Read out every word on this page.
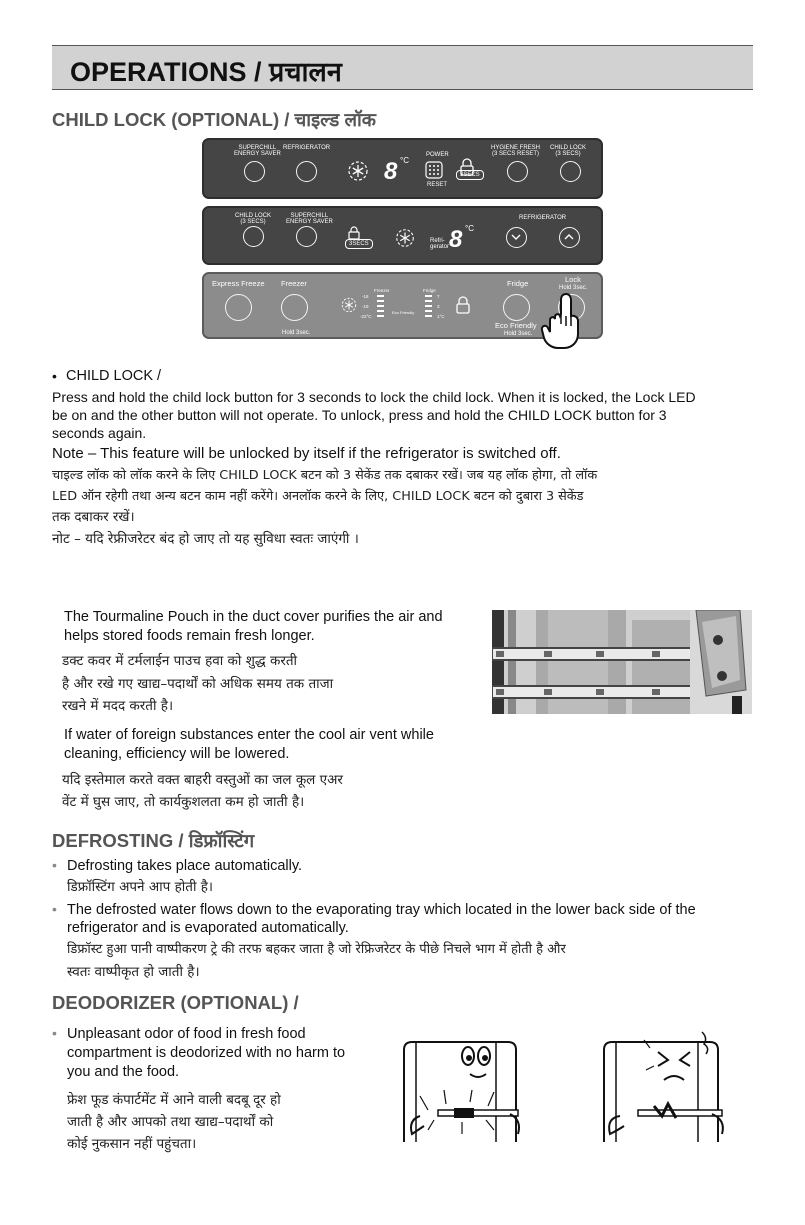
OPERATIONS / प्रचालन
CHILD LOCK (OPTIONAL) / चाइल्ड लॉक
SUPERCHILL
ENERGY SAVER
REFRIGERATOR
8 °C
POWER
RESET
3SECS
HYGIENE FRESH
(3 SECS RESET)
CHILD LOCK
(3 SECS)
CHILD LOCK
(3 SECS)
SUPERCHILL
ENERGY SAVER
3SECS	Refri-
gerator 8 °C
REFRIGERATOR
Express Freeze Freezer
Hold 3sec.
Freezer
-16
-19
-22°C
Eco Friendly
Fridge
7
3
1°C
Fridge
Eco Friendly
Hold 3sec.
Lock
Hold 3sec.
• CHILD LOCK /
Press and hold the child lock button for 3 seconds to lock the child lock. When it is locked, the Lock LED
be on and the other button will not operate. To unlock, press and hold the CHILD LOCK button for 3
seconds again.
Note – This feature will be unlocked by itself if the refrigerator is switched off.
चाइल्ड लॉक को लॉक करने के लिए CHILD LOCK बटन को 3 सेकेंड तक दबाकर रखें। जब यह लॉक होगा, तो लॉक
LED ऑन रहेगी तथा अन्य बटन काम नहीं करेंगे। अनलॉक करने के लिए, CHILD LOCK बटन को दुबारा 3 सेकेंड
तक दबाकर रखें।
नोट – यदि रेफ्रीजरेटर बंद हो जाए तो यह सुविधा स्वतः जाएंगी ।
The Tourmaline Pouch in the duct cover purifies the air and
helps stored foods remain fresh longer.
डक्ट कवर में टर्मलाईन पाउच हवा को शुद्ध करती
है और रखे गए खाद्य–पदार्थों को अधिक समय तक ताजा
रखने में मदद करती है।
If water of foreign substances enter the cool air vent while
cleaning, efficiency will be lowered.
यदि इस्तेमाल करते वक्त बाहरी वस्तुओं का जल कूल एअर
वेंट में घुस जाए, तो कार्यकुशलता कम हो जाती है।
DEFROSTING / डिफ्रॉस्टिंग
• Defrosting takes place automatically.
डिफ्रॉस्टिंग अपने आप होती है।
• The defrosted water flows down to the evaporating tray which located in the lower back side of the
refrigerator and is evaporated automatically.
डिफ्रॉस्ट हुआ पानी वाष्पीकरण ट्रे की तरफ बहकर जाता है जो रेफ्रिजरेटर के पीछे निचले भाग में होती है और
स्वतः वाष्पीकृत हो जाती है।
DEODORIZER (OPTIONAL) /
• Unpleasant odor of food in fresh food
compartment is deodorized with no harm to
you and the food.
फ्रेश फूड कंपार्टमेंट में आने वाली बदबू दूर हो
जाती है और आपको तथा खाद्य–पदार्थों को
कोई नुकसान नहीं पहुंचता।
